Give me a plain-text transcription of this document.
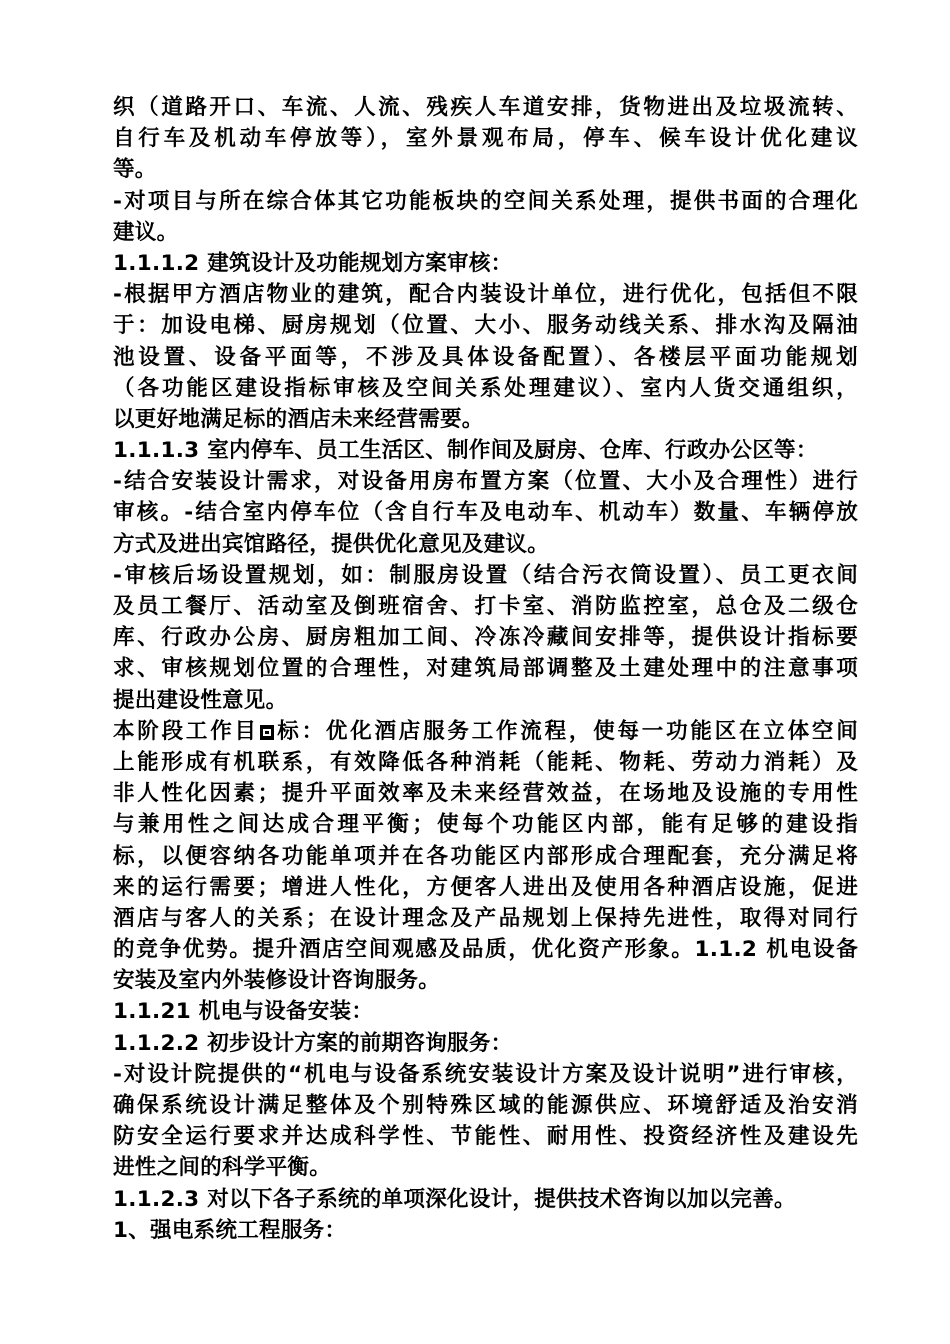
织（道路开口、车流、人流、残疾人车道安排，货物进出及垃圾流转、
自行车及机动车停放等），室外景观布局，停车、候车设计优化建议
等。
-对项目与所在综合体其它功能板块的空间关系处理，提供书面的合理化
建议。
1.1.1.2 建筑设计及功能规划方案审核：
-根据甲方酒店物业的建筑，配合内装设计单位，进行优化，包括但不限
于：加设电梯、厨房规划（位置、大小、服务动线关系、排水沟及隔油
池设置、设备平面等，不涉及具体设备配置）、各楼层平面功能规划
（各功能区建设指标审核及空间关系处理建议）、室内人货交通组织，
以更好地满足标的酒店未来经营需要。
1.1.1.3 室内停车、员工生活区、制作间及厨房、仓库、行政办公区等：
-结合安装设计需求，对设备用房布置方案（位置、大小及合理性）进行
审核。-结合室内停车位（含自行车及电动车、机动车）数量、车辆停放
方式及进出宾馆路径，提供优化意见及建议。
-审核后场设置规划，如：制服房设置（结合污衣筒设置）、员工更衣间
及员工餐厅、活动室及倒班宿舍、打卡室、消防监控室，总仓及二级仓
库、行政办公房、厨房粗加工间、冷冻冷藏间安排等，提供设计指标要
求、审核规划位置的合理性，对建筑局部调整及土建处理中的注意事项
提出建设性意见。
本阶段工作目 标：优化酒店服务工作流程，使每一功能区在立体空间
上能形成有机联系，有效降低各种消耗（能耗、物耗、劳动力消耗）及
非人性化因素；提升平面效率及未来经营效益，在场地及设施的专用性
与兼用性之间达成合理平衡；使每个功能区内部，能有足够的建设指
标，以便容纳各功能单项并在各功能区内部形成合理配套，充分满足将
来的运行需要；增进人性化，方便客人进出及使用各种酒店设施，促进
酒店与客人的关系；在设计理念及产品规划上保持先进性，取得对同行
的竞争优势。提升酒店空间观感及品质，优化资产形象。1.1.2 机电设备
安装及室内外装修设计咨询服务。
1.1.21 机电与设备安装：
1.1.2.2 初步设计方案的前期咨询服务：
-对设计院提供的“机电与设备系统安装设计方案及设计说明”进行审核，
确保系统设计满足整体及个别特殊区域的能源供应、环境舒适及治安消
防安全运行要求并达成科学性、节能性、耐用性、投资经济性及建设先
进性之间的科学平衡。
1.1.2.3 对以下各子系统的单项深化设计，提供技术咨询以加以完善。
1、强电系统工程服务：
